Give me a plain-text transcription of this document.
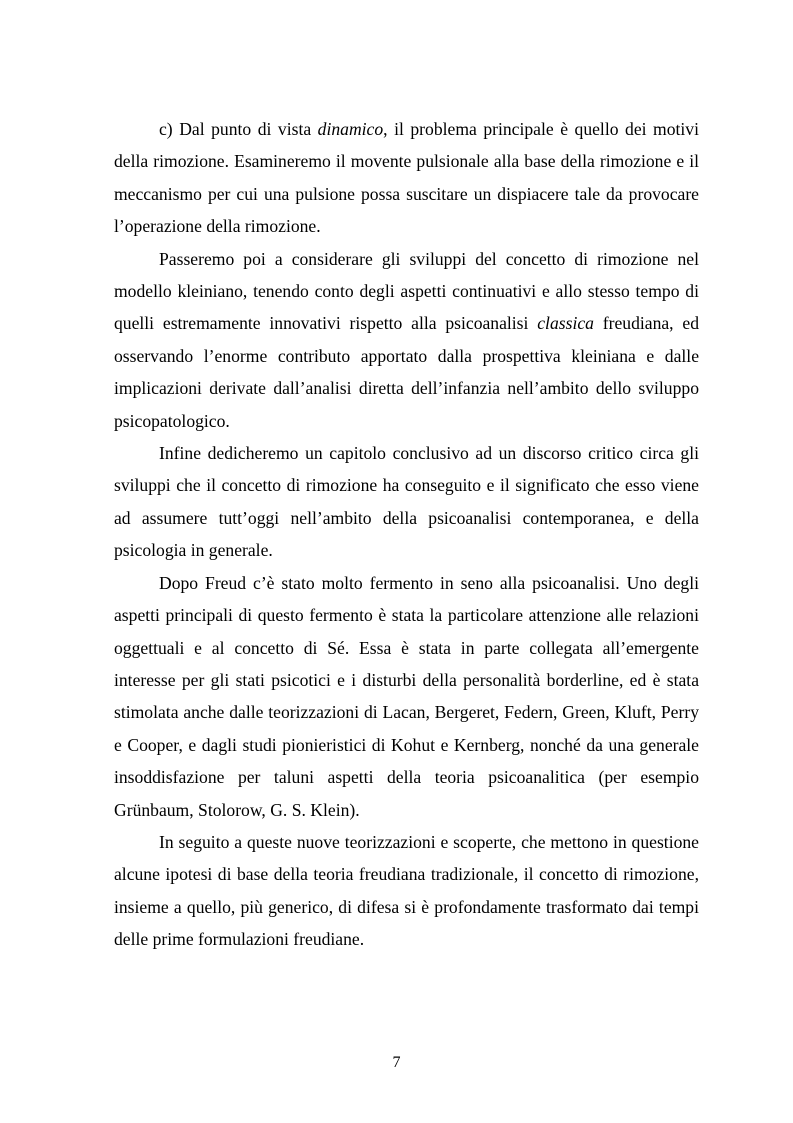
c) Dal punto di vista dinamico, il problema principale è quello dei motivi della rimozione. Esamineremo il movente pulsionale alla base della rimozione e il meccanismo per cui una pulsione possa suscitare un dispiacere tale da provocare l’operazione della rimozione.

Passeremo poi a considerare gli sviluppi del concetto di rimozione nel modello kleiniano, tenendo conto degli aspetti continuativi e allo stesso tempo di quelli estremamente innovativi rispetto alla psicoanalisi classica freudiana, ed osservando l’enorme contributo apportato dalla prospettiva kleiniana e dalle implicazioni derivate dall’analisi diretta dell’infanzia nell’ambito dello sviluppo psicopatologico.

Infine dedicheremo un capitolo conclusivo ad un discorso critico circa gli sviluppi che il concetto di rimozione ha conseguito e il significato che esso viene ad assumere tutt’oggi nell’ambito della psicoanalisi contemporanea, e della psicologia in generale.

Dopo Freud c’è stato molto fermento in seno alla psicoanalisi. Uno degli aspetti principali di questo fermento è stata la particolare attenzione alle relazioni oggettuali e al concetto di Sé. Essa è stata in parte collegata all’emergente interesse per gli stati psicotici e i disturbi della personalità borderline, ed è stata stimolata anche dalle teorizzazioni di Lacan, Bergeret, Federn, Green, Kluft, Perry e Cooper, e dagli studi pionieristici di Kohut e Kernberg, nonché da una generale insoddisfazione per taluni aspetti della teoria psicoanalitica (per esempio Grünbaum, Stolorow, G. S. Klein).

In seguito a queste nuove teorizzazioni e scoperte, che mettono in questione alcune ipotesi di base della teoria freudiana tradizionale, il concetto di rimozione, insieme a quello, più generico, di difesa si è profondamente trasformato dai tempi delle prime formulazioni freudiane.

7
